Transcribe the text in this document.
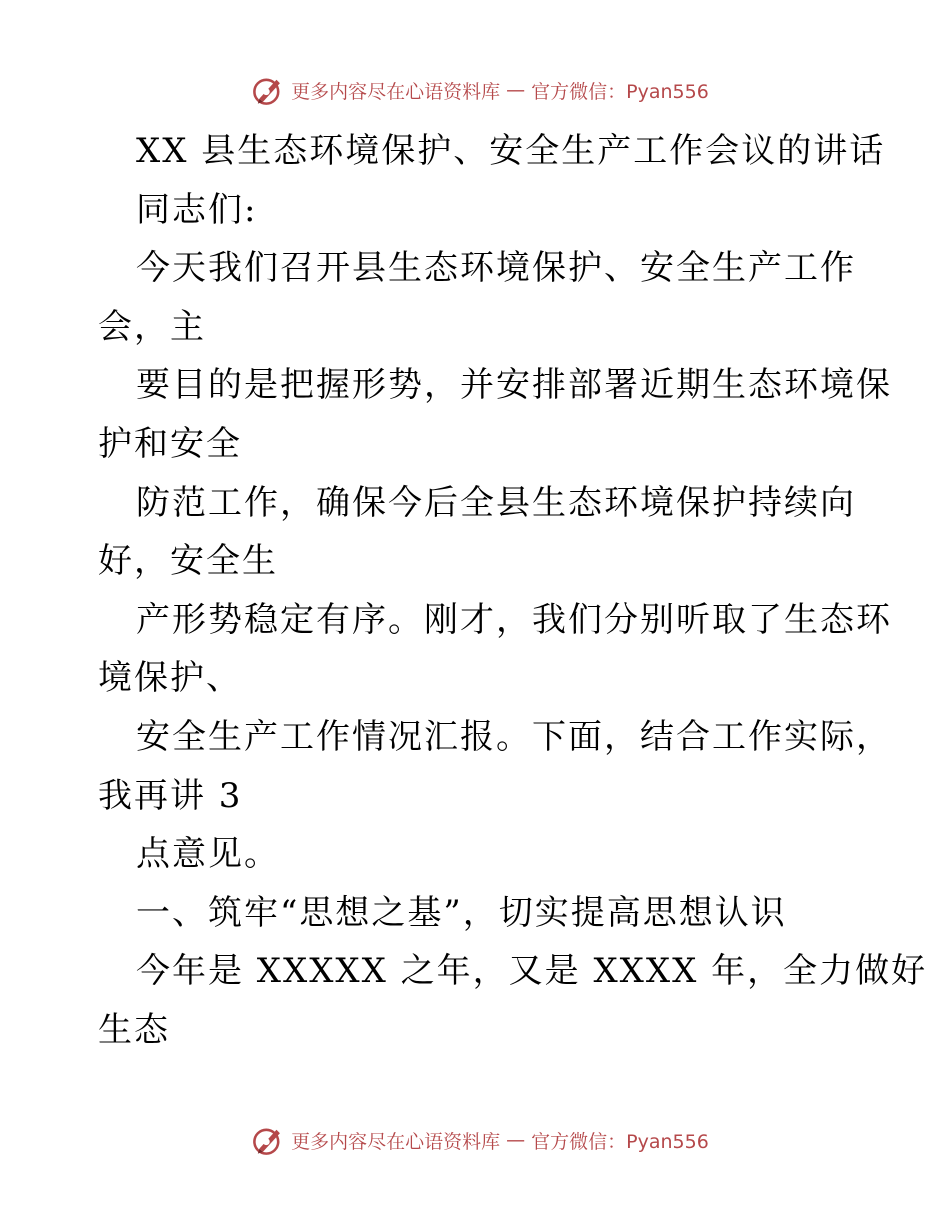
更多内容尽在心语资料库 — 官方微信：Pyan556
XX 县生态环境保护、安全生产工作会议的讲话
同志们:
今天我们召开县生态环境保护、安全生产工作
会，主
要目的是把握形势，并安排部署近期生态环境保
护和安全
防范工作，确保今后全县生态环境保护持续向
好，安全生
产形势稳定有序。刚才，我们分别听取了生态环
境保护、
安全生产工作情况汇报。下面，结合工作实际，
我再讲 3
点意见。
一、筑牢“思想之基”，切实提高思想认识
今年是 XXXXX 之年，又是 XXXX 年，全力做好
生态
更多内容尽在心语资料库 — 官方微信：Pyan556
